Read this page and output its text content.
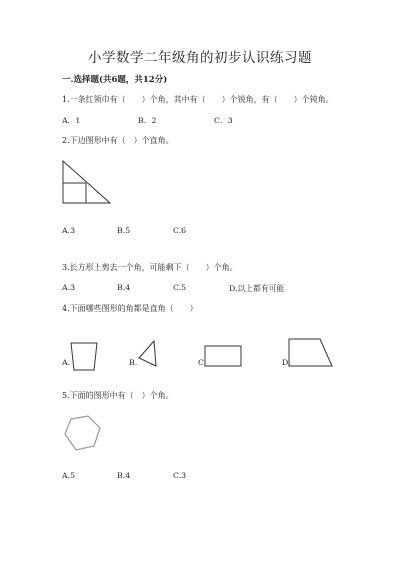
小学数学二年级角的初步认识练习题
一.选择题(共6题，共12分)
1.一条红领巾有（　　）个角，其中有（　　）个锐角，有（　　）个钝角。
A．1	B．2	C．3
2.下边图形中有（　）个直角。
A.3	B.5	C.6
3.长方形上剪去一个角，可能剩下（　　）个角。
A.3	B.4	C.5	D.以上都有可能
4.下面哪些图形的角都是直角（　　）
A.	B.	C.	D.
5.下面的图形中有（　）个角。
A.5	B.4	C.3
